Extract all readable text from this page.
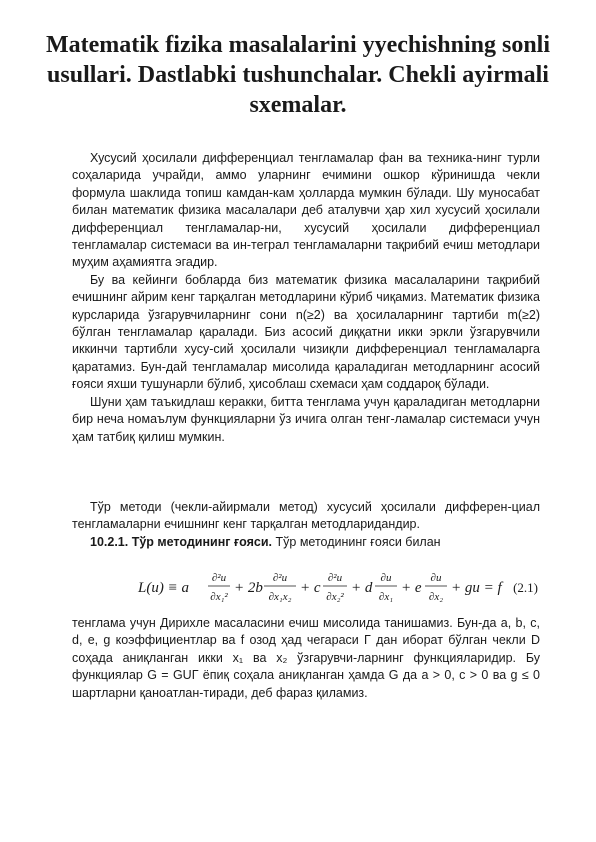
Matematik fizika masalalarini yyechishning sonli usullari. Dastlabki tushunchalar. Chekli ayirmali sxemalar.

Хусусий ҳосилали дифференциал тенгламалар фан ва техника-нинг турли соҳаларида учрайди, аммо уларнинг ечимини ошкор кўринишда чекли формула шаклида топиш камдан-кам ҳолларда мумкин бўлади. Шу муносабат билан математик физика масалалари деб аталувчи ҳар хил хусусий ҳосилали дифференциал тенгламалар-ни, хусусий ҳосилали дифференциал тенгламалар системаси ва ин-теграл тенгламаларни тақрибий ечиш методлари муҳим аҳамиятга эгадир.

Бу ва кейинги бобларда биз математик физика масалаларини тақрибий ечишнинг айрим кенг тарқалган методларини кўриб чиқамиз. Математик физика курсларида ўзгарувчиларнинг сони n(≥2) ва ҳосилаларнинг тартиби m(≥2) бўлган тенгламалар қаралади. Биз асосий диққатни икки эркли ўзгарувчили иккинчи тартибли хусу-сий ҳосилали чизиқли дифференциал тенгламаларга қаратамиз. Бун-дай тенгламалар мисолида қараладиган методларнинг асосий ғояси яхши тушунарли бўлиб, ҳисоблаш схемаси ҳам соддароқ бўлади.

Шуни ҳам таъкидлаш керакки, битта тенглама учун қараладиган методларни бир неча номаълум функцияларни ўз ичига олган тенг-ламалар системаси учун ҳам татбиқ қилиш мумкин.

Тўр методи (чекли-айирмали метод) хусусий ҳосилали дифферен-циал тенгламаларни ечишнинг кенг тарқалган методларидандир.

10.2.1. Тўр методининг ғояси. Тўр методининг ғояси билан

L(u) ≡ a
∂²u
∂x₁²
+ 2b
∂²u
∂x₁x₂
+ c
∂²u
∂x₂²
+ d
∂u
∂x₁
+ e
∂u
∂x₂
+ gu = f (2.1)

тенглама учун Дирихле масаласини ечиш мисолида танишамиз. Бун-да a, b, c, d, e, g коэффициентлар ва f озод ҳад чегараси Г дан иборат бўлган чекли D соҳада аниқланган икки x₁ ва x₂ ўзгарувчи-ларнинг функцияларидир. Бу функциялар G = GUГ ёпиқ соҳала аниқланган ҳамда G да a > 0, c > 0 ва g ≤ 0 шартларни қаноатлан-тиради, деб фараз қиламиз.
